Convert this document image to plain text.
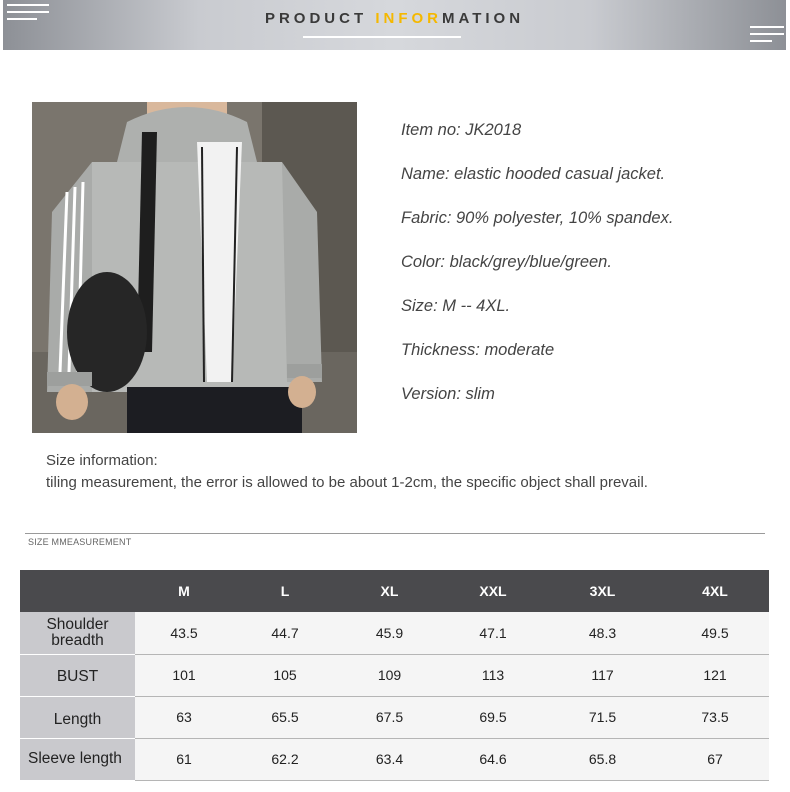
PRODUCT INFORMATION
Item no: JK2018
Name: elastic hooded casual jacket.
Fabric: 90% polyester, 10% spandex.
Color: black/grey/blue/green.
Size: M -- 4XL.
Thickness: moderate
Version: slim
Size information:
tiling measurement, the error is allowed to be about 1-2cm, the specific object shall prevail.
SIZE MMEASUREMENT
	M	L	XL	XXL	3XL	4XL

Shoulder
breadth	43.5	44.7	45.9	47.1	48.3	49.5
BUST	101	105	109	113	117	121
Length	63	65.5	67.5	69.5	71.5	73.5
Sleeve length	61	62.2	63.4	64.6	65.8	67
